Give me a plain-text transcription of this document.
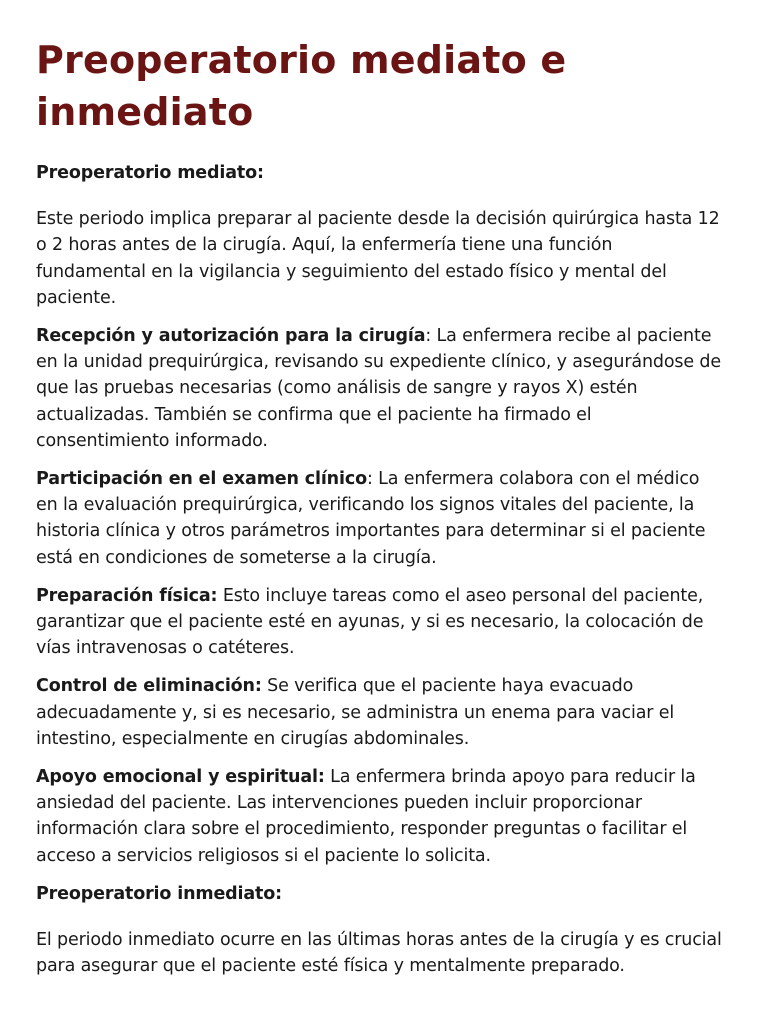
Preoperatorio mediato e inmediato

Preoperatorio mediato:

Este periodo implica preparar al paciente desde la decisión quirúrgica hasta 12 o 2 horas antes de la cirugía. Aquí, la enfermería tiene una función fundamental en la vigilancia y seguimiento del estado físico y mental del paciente.

Recepción y autorización para la cirugía: La enfermera recibe al paciente en la unidad prequirúrgica, revisando su expediente clínico, y asegurándose de que las pruebas necesarias (como análisis de sangre y rayos X) estén actualizadas. También se confirma que el paciente ha firmado el consentimiento informado.

Participación en el examen clínico: La enfermera colabora con el médico en la evaluación prequirúrgica, verificando los signos vitales del paciente, la historia clínica y otros parámetros importantes para determinar si el paciente está en condiciones de someterse a la cirugía.

Preparación física: Esto incluye tareas como el aseo personal del paciente, garantizar que el paciente esté en ayunas, y si es necesario, la colocación de vías intravenosas o catéteres.

Control de eliminación: Se verifica que el paciente haya evacuado adecuadamente y, si es necesario, se administra un enema para vaciar el intestino, especialmente en cirugías abdominales.

Apoyo emocional y espiritual: La enfermera brinda apoyo para reducir la ansiedad del paciente. Las intervenciones pueden incluir proporcionar información clara sobre el procedimiento, responder preguntas o facilitar el acceso a servicios religiosos si el paciente lo solicita.

Preoperatorio inmediato:

El periodo inmediato ocurre en las últimas horas antes de la cirugía y es crucial para asegurar que el paciente esté física y mentalmente preparado.
